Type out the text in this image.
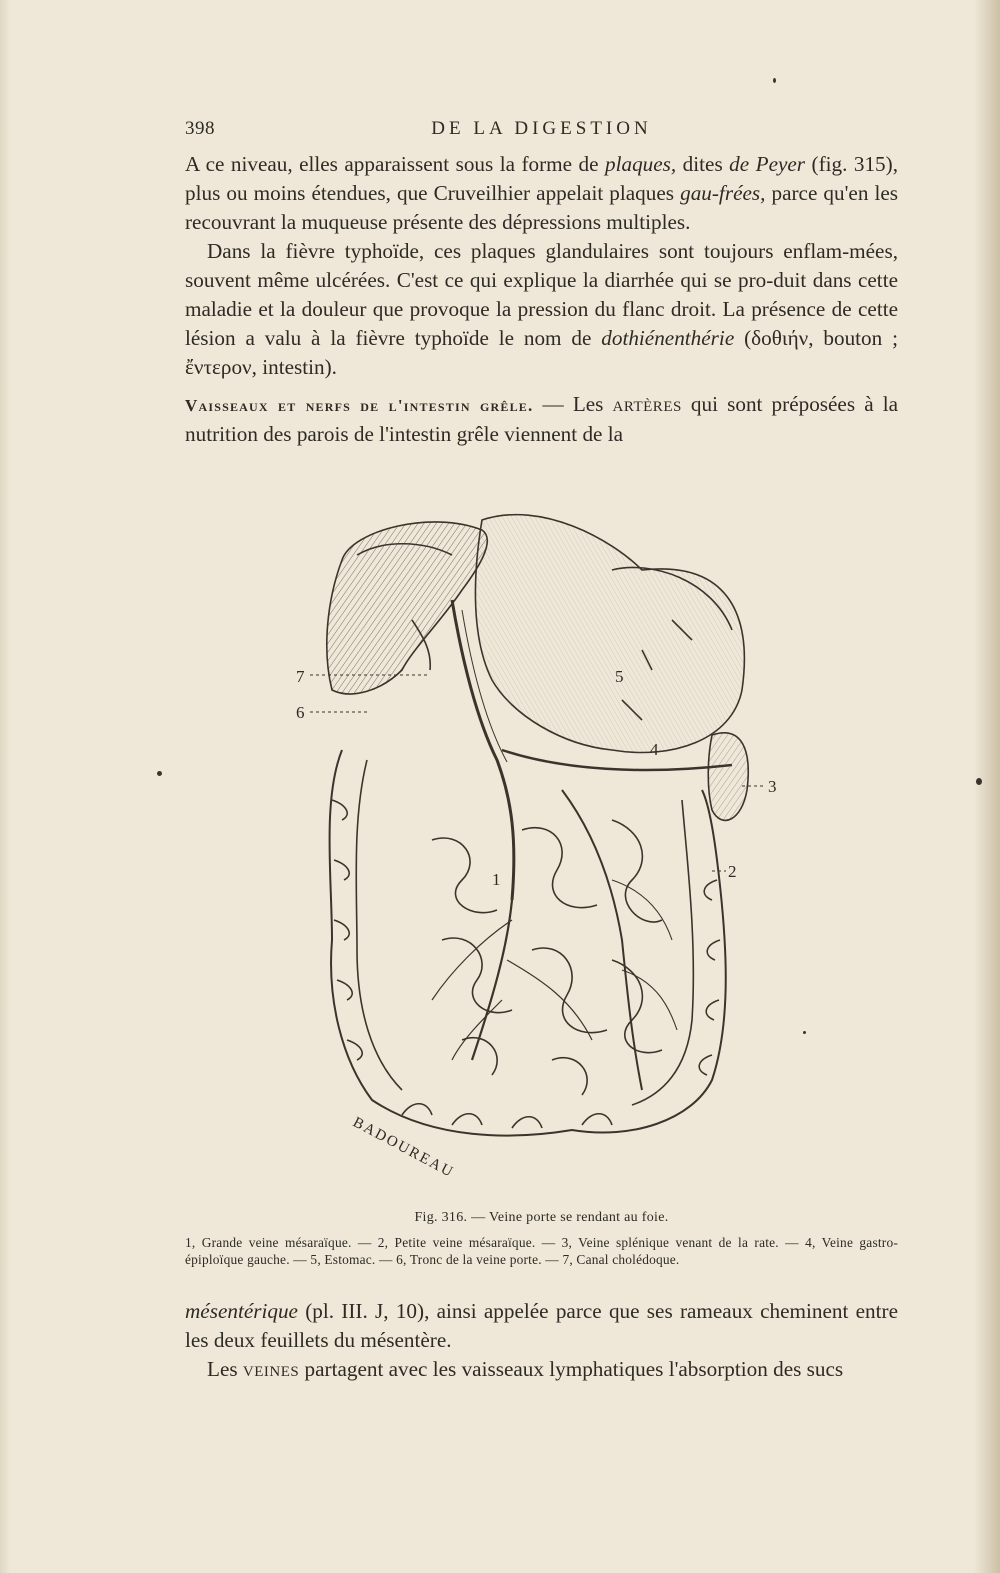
398	DE LA DIGESTION

A ce niveau, elles apparaissent sous la forme de plaques, dites de Peyer (fig. 315), plus ou moins étendues, que Cruveilhier appelait plaques gau-frées, parce qu'en les recouvrant la muqueuse présente des dépressions multiples.

Dans la fièvre typhoïde, ces plaques glandulaires sont toujours enflam-mées, souvent même ulcérées. C'est ce qui explique la diarrhée qui se pro-duit dans cette maladie et la douleur que provoque la pression du flanc droit. La présence de cette lésion a valu à la fièvre typhoïde le nom de dothiénenthérie (δοθιήν, bouton ; ἔντερον, intestin).

Vaisseaux et nerfs de l'intestin grêle. — Les artères qui sont préposées à la nutrition des parois de l'intestin grêle viennent de la

1	2
3
4
5
6
7
BADOUREAU
Fig. 316. — Veine porte se rendant au foie.
1, Grande veine mésaraïque. — 2, Petite veine mésaraïque. — 3, Veine splénique venant de la rate. — 4, Veine gastro-épiploïque gauche. — 5, Estomac. — 6, Tronc de la veine porte. — 7, Canal cholédoque.

mésentérique (pl. III. J, 10), ainsi appelée parce que ses rameaux cheminent entre les deux feuillets du mésentère.

Les veines partagent avec les vaisseaux lymphatiques l'absorption des sucs
